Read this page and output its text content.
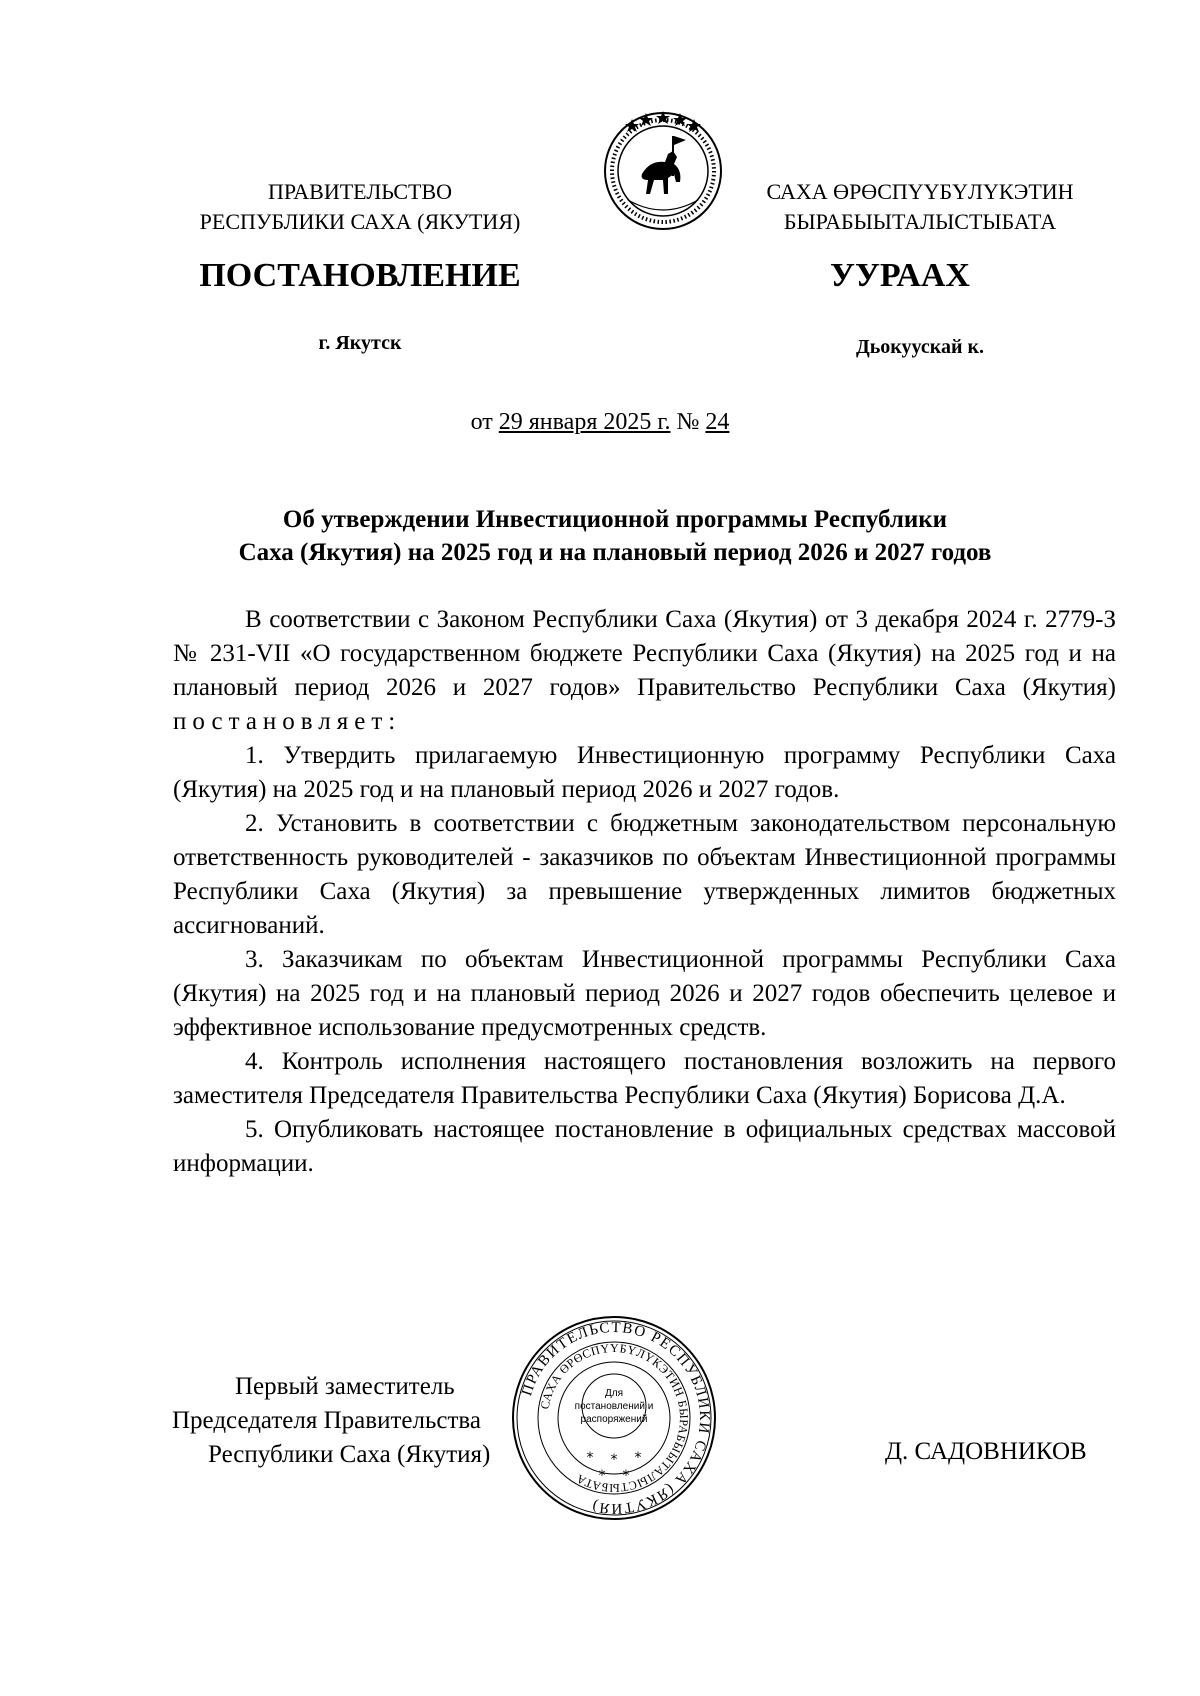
ПРАВИТЕЛЬСТВО
РЕСПУБЛИКИ САХА (ЯКУТИЯ)
САХА ӨРӨСПҮҮБҮЛҮКЭТИН
БЫРАБЫЫТАЛЫСТЫБАТА
ПОСТАНОВЛЕНИЕ	УУРААХ
г. Якутск	Дьокуускай к.
от 29 января 2025 г. № 24
Об утверждении Инвестиционной программы Республики
Саха (Якутия) на 2025 год и на плановый период 2026 и 2027 годов

В соответствии с Законом Республики Саха (Якутия) от 3 декабря 2024 г. 2779-З № 231-VII «О государственном бюджете Республики Саха (Якутия) на 2025 год и на плановый период 2026 и 2027 годов» Правительство Республики Саха (Якутия) постановляет:

1. Утвердить прилагаемую Инвестиционную программу Республики Саха (Якутия) на 2025 год и на плановый период 2026 и 2027 годов.

2. Установить в соответствии с бюджетным законодательством персональную ответственность руководителей - заказчиков по объектам Инвестиционной программы Республики Саха (Якутия) за превышение утвержденных лимитов бюджетных ассигнований.

3. Заказчикам по объектам Инвестиционной программы Республики Саха (Якутия) на 2025 год и на плановый период 2026 и 2027 годов обеспечить целевое и эффективное использование предусмотренных средств.

4. Контроль исполнения настоящего постановления возложить на первого заместителя Председателя Правительства Республики Саха (Якутия) Борисова Д.А.

5. Опубликовать настоящее постановление в официальных средствах массовой информации.

Первый заместитель
Председателя Правительства
Республики Саха (Якутия)	Д. САДОВНИКОВ
ПРАВИТЕЛЬСТВО РЕСПУБЛИКИ САХА (ЯКУТИЯ)
САХА ӨРӨСПҮҮБҮЛҮКЭТИН БЫРАБЫЫТАЛЫСТЫБАТА
Для
постановлений и
распоряжений
* * *
* *
